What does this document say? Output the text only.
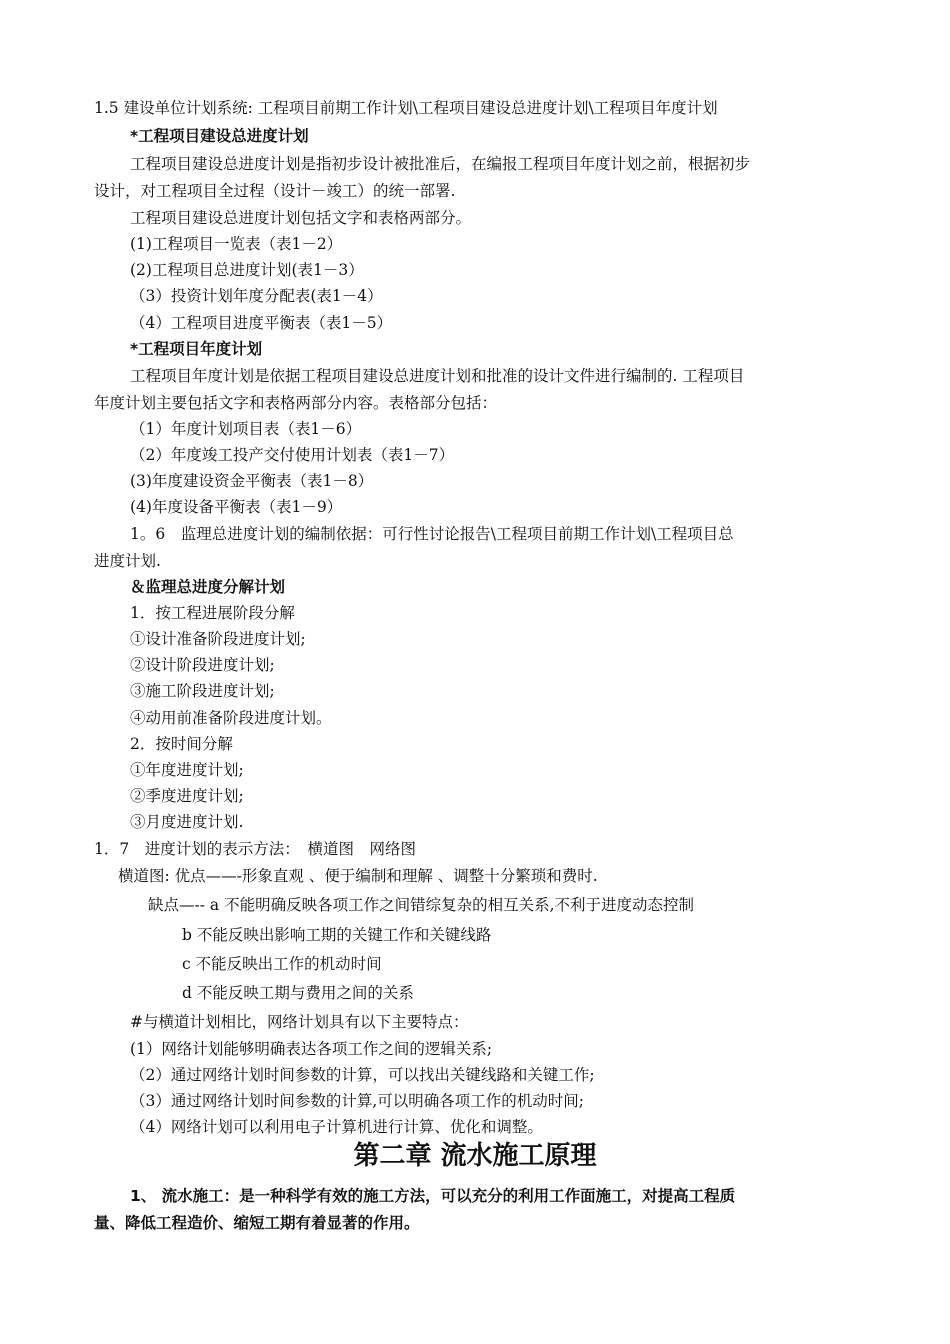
1.5 建设单位计划系统: 工程项目前期工作计划\工程项目建设总进度计划\工程项目年度计划
*工程项目建设总进度计划
工程项目建设总进度计划是指初步设计被批准后，在编报工程项目年度计划之前，根据初步
设计，对工程项目全过程（设计－竣工）的统一部署.
工程项目建设总进度计划包括文字和表格两部分。
(1)工程项目一览表（表1－2）
(2)工程项目总进度计划(表1－3）
（3）投资计划年度分配表(表1－4）
（4）工程项目进度平衡表（表1－5）
*工程项目年度计划
工程项目年度计划是依据工程项目建设总进度计划和批准的设计文件进行编制的. 工程项目
年度计划主要包括文字和表格两部分内容。表格部分包括：
（1）年度计划项目表（表1－6）
（2）年度竣工投产交付使用计划表（表1－7）
(3)年度建设资金平衡表（表1－8）
(4)年度设备平衡表（表1－9）
1。6　监理总进度计划的编制依据：可行性讨论报告\工程项目前期工作计划\工程项目总
进度计划.
＆监理总进度分解计划
1．按工程进展阶段分解
①设计准备阶段进度计划;
②设计阶段进度计划;
③施工阶段进度计划;
④动用前准备阶段进度计划。
2．按时间分解
①年度进度计划;
②季度进度计划;
③月度进度计划.
1．7　进度计划的表示方法：　横道图　网络图
横道图: 优点——-形象直观 、便于编制和理解 、调整十分繁琐和费时.
缺点—-- a 不能明确反映各项工作之间错综复杂的相互关系,不利于进度动态控制
b 不能反映出影响工期的关键工作和关键线路
c 不能反映出工作的机动时间
d 不能反映工期与费用之间的关系
#与横道计划相比，网络计划具有以下主要特点：
(1）网络计划能够明确表达各项工作之间的逻辑关系;
（2）通过网络计划时间参数的计算，可以找出关键线路和关键工作;
（3）通过网络计划时间参数的计算,可以明确各项工作的机动时间;
（4）网络计划可以利用电子计算机进行计算、优化和调整。
第二章 流水施工原理
1、 流水施工：是一种科学有效的施工方法，可以充分的利用工作面施工，对提高工程质
量、降低工程造价、缩短工期有着显著的作用。
